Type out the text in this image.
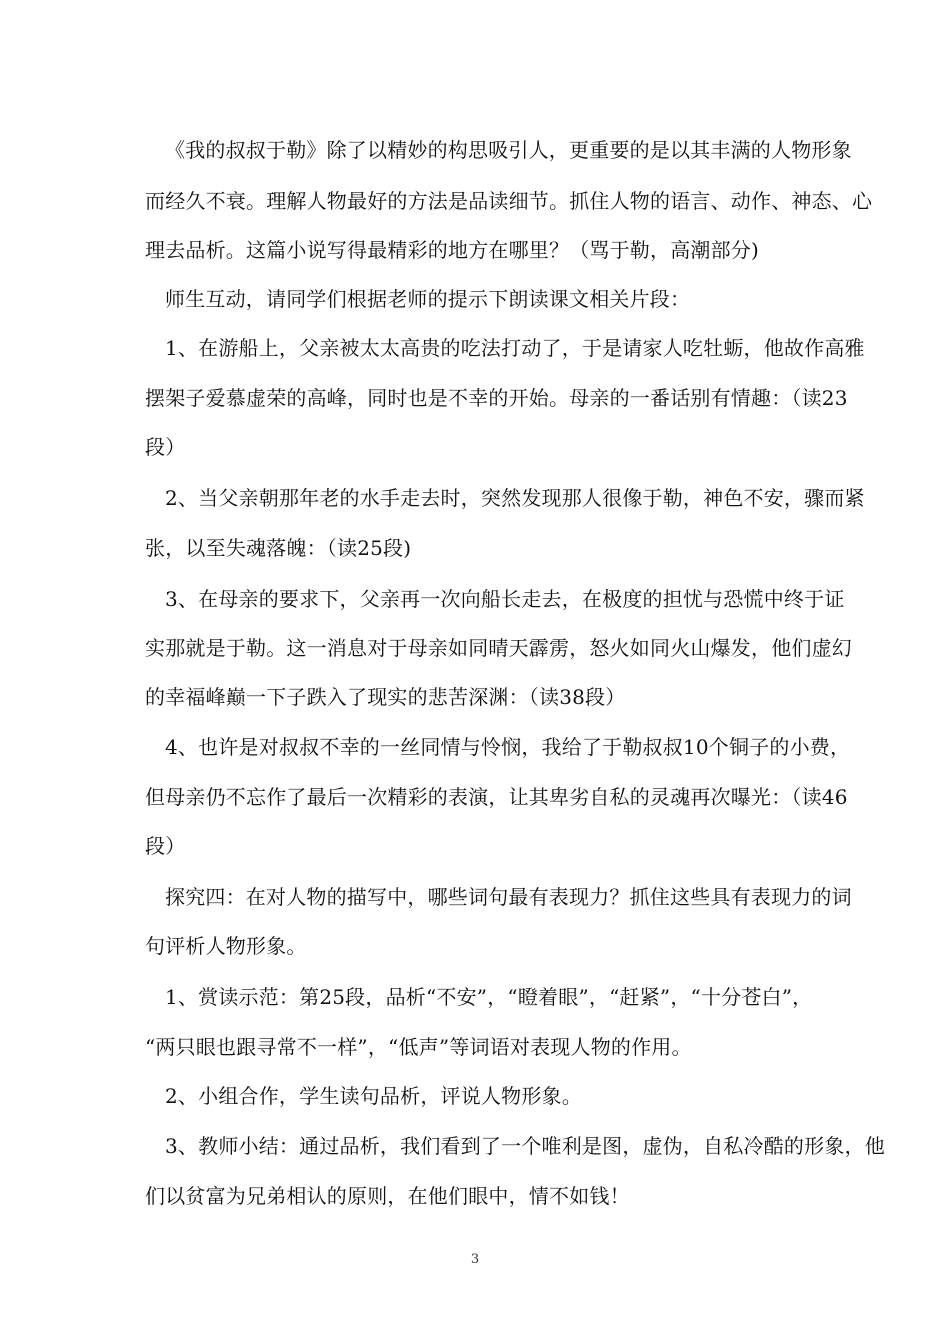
《我的叔叔于勒》除了以精妙的构思吸引人，更重要的是以其丰满的人物形象
而经久不衰。理解人物最好的方法是品读细节。抓住人物的语言、动作、神态、心
理去品析。这篇小说写得最精彩的地方在哪里？（骂于勒，高潮部分)
师生互动，请同学们根据老师的提示下朗读课文相关片段：
1、在游船上，父亲被太太高贵的吃法打动了，于是请家人吃牡蛎，他故作高雅
摆架子爱慕虚荣的高峰，同时也是不幸的开始。母亲的一番话别有情趣：（读23
段）
2、当父亲朝那年老的水手走去时，突然发现那人很像于勒，神色不安，骤而紧
张，以至失魂落魄：（读25段)
3、在母亲的要求下，父亲再一次向船长走去，在极度的担忧与恐慌中终于证
实那就是于勒。这一消息对于母亲如同晴天霹雳，怒火如同火山爆发，他们虚幻
的幸福峰巅一下子跌入了现实的悲苦深渊：（读38段）
4、也许是对叔叔不幸的一丝同情与怜悯，我给了于勒叔叔10个铜子的小费，
但母亲仍不忘作了最后一次精彩的表演，让其卑劣自私的灵魂再次曝光：（读46
段）
探究四：在对人物的描写中，哪些词句最有表现力？抓住这些具有表现力的词
句评析人物形象。
1、赏读示范：第25段，品析“不安”，“瞪着眼”，“赶紧”，“十分苍白”，
“两只眼也跟寻常不一样”，“低声”等词语对表现人物的作用。
2、小组合作，学生读句品析，评说人物形象。
3、教师小结：通过品析，我们看到了一个唯利是图，虚伪，自私冷酷的形象，他
们以贫富为兄弟相认的原则，在他们眼中，情不如钱！
3
